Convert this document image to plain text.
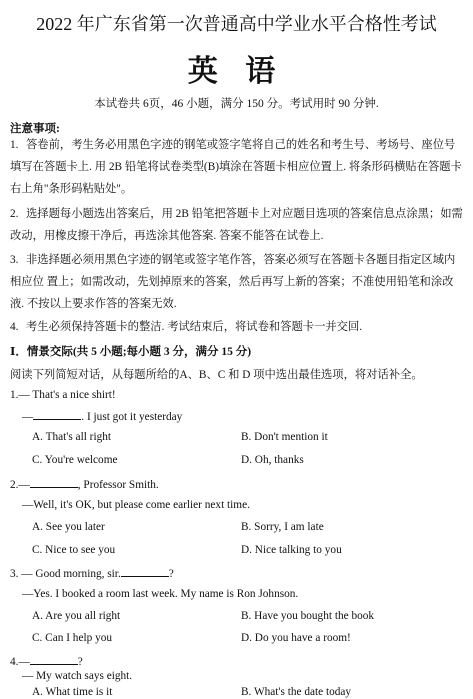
2022 年广东省第一次普通高中学业水平合格性考试
英 语
本试卷共 6页，46 小题，满分 150 分。考试用时 90 分钟.
注意事项:
1. 答卷前，考生务必用黑色字迹的钢笔或签字笔将自己的姓名和考生号、考场号、座位号填写在答题卡上. 用 2B 铅笔将试卷类型(B)填涂在答题卡相应位置上. 将条形码横贴在答题卡右上角"条形码粘贴处"。
2. 选择题每小题选出答案后，用 2B 铅笔把答题卡上对应题目选项的答案信息点涂黑；如需改动，用橡皮擦干净后，再选涂其他答案. 答案不能答在试卷上.
3. 非选择题必须用黑色字迹的钢笔或签字笔作答，答案必须写在答题卡各题目指定区域内相应位 置上；如需改动，先划掉原来的答案，然后再写上新的答案；不准使用铅笔和涂改液. 不按以上要求作答的答案无效.
4. 考生必须保持答题卡的整洁. 考试结束后，将试卷和答题卡一并交回.
Ⅰ．情景交际(共 5 小题;每小题 3 分，满分 15 分)
阅读下列简短对话，从每题所给的A、B、C 和 D 项中选出最佳选项，将对话补全。
1.— That's a nice shirt!
—	. I just got it yesterday
A. That's all right	B. Don't mention it
C. You're welcome	D. Oh, thanks
2.—	, Professor Smith.
—Well, it's OK, but please come earlier next time.
A. See you later	B. Sorry, I am late
C. Nice to see you	D. Nice talking to you
3. — Good morning, sir.	?
—Yes. I booked a room last week. My name is Ron Johnson.
A. Are you all right	B. Have you bought the book
C. Can I help you	D. Do you have a room!
4.—	?
— My watch says eight.
A. What time is it	B. What's the date today
